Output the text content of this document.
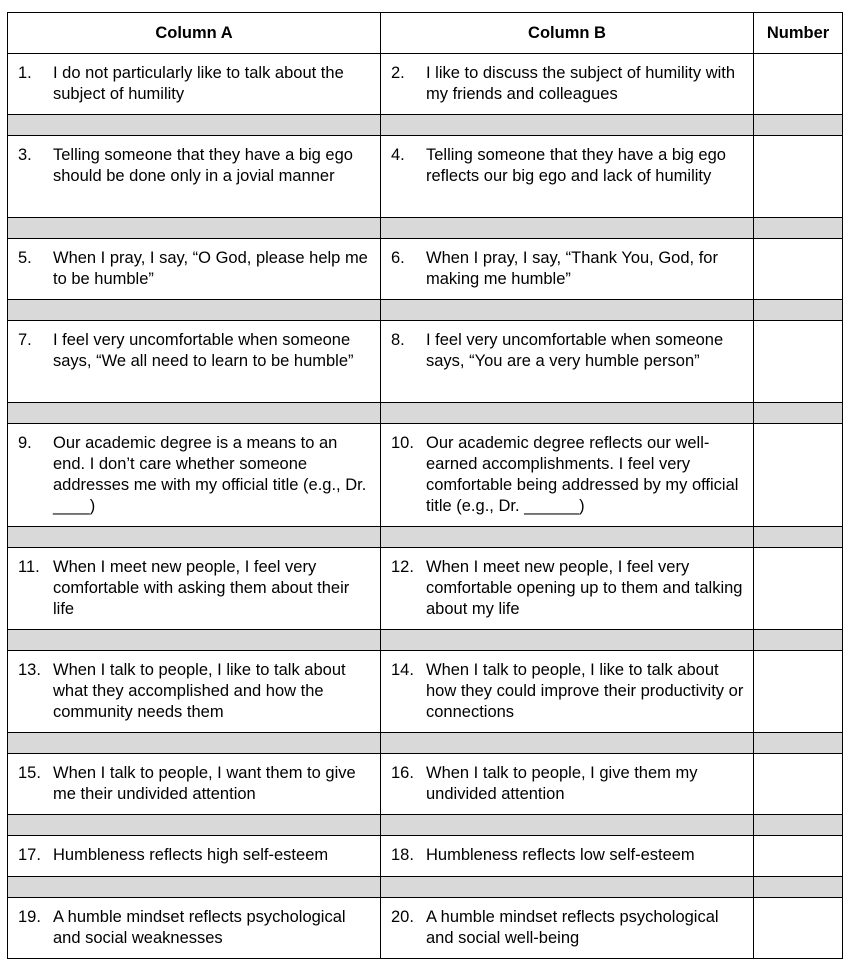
Column A	Column B	Number

1. I do not particularly like to talk about the subject of humility	2. I like to discuss the subject of humility with my friends and colleagues	

3. Telling someone that they have a big ego should be done only in a jovial manner	4. Telling someone that they have a big ego reflects our big ego and lack of humility	

5. When I pray, I say, “O God, please help me to be humble”	6. When I pray, I say, “Thank You, God, for making me humble”	

7. I feel very uncomfortable when someone says, “We all need to learn to be humble”	8. I feel very uncomfortable when someone says, “You are a very humble person”	

9. Our academic degree is a means to an end. I don’t care whether someone addresses me with my official title (e.g., Dr. ____)	10. Our academic degree reflects our well-earned accomplishments. I feel very comfortable being addressed by my official title (e.g., Dr. ______)	

11. When I meet new people, I feel very comfortable with asking them about their life	12. When I meet new people, I feel very comfortable opening up to them and talking about my life	

13. When I talk to people, I like to talk about what they accomplished and how the community needs them	14. When I talk to people, I like to talk about how they could improve their productivity or connections	

15. When I talk to people, I want them to give me their undivided attention	16. When I talk to people, I give them my undivided attention	

17. Humbleness reflects high self-esteem	18. Humbleness reflects low self-esteem	

19. A humble mindset reflects psychological and social weaknesses	20. A humble mindset reflects psychological and social well-being	
